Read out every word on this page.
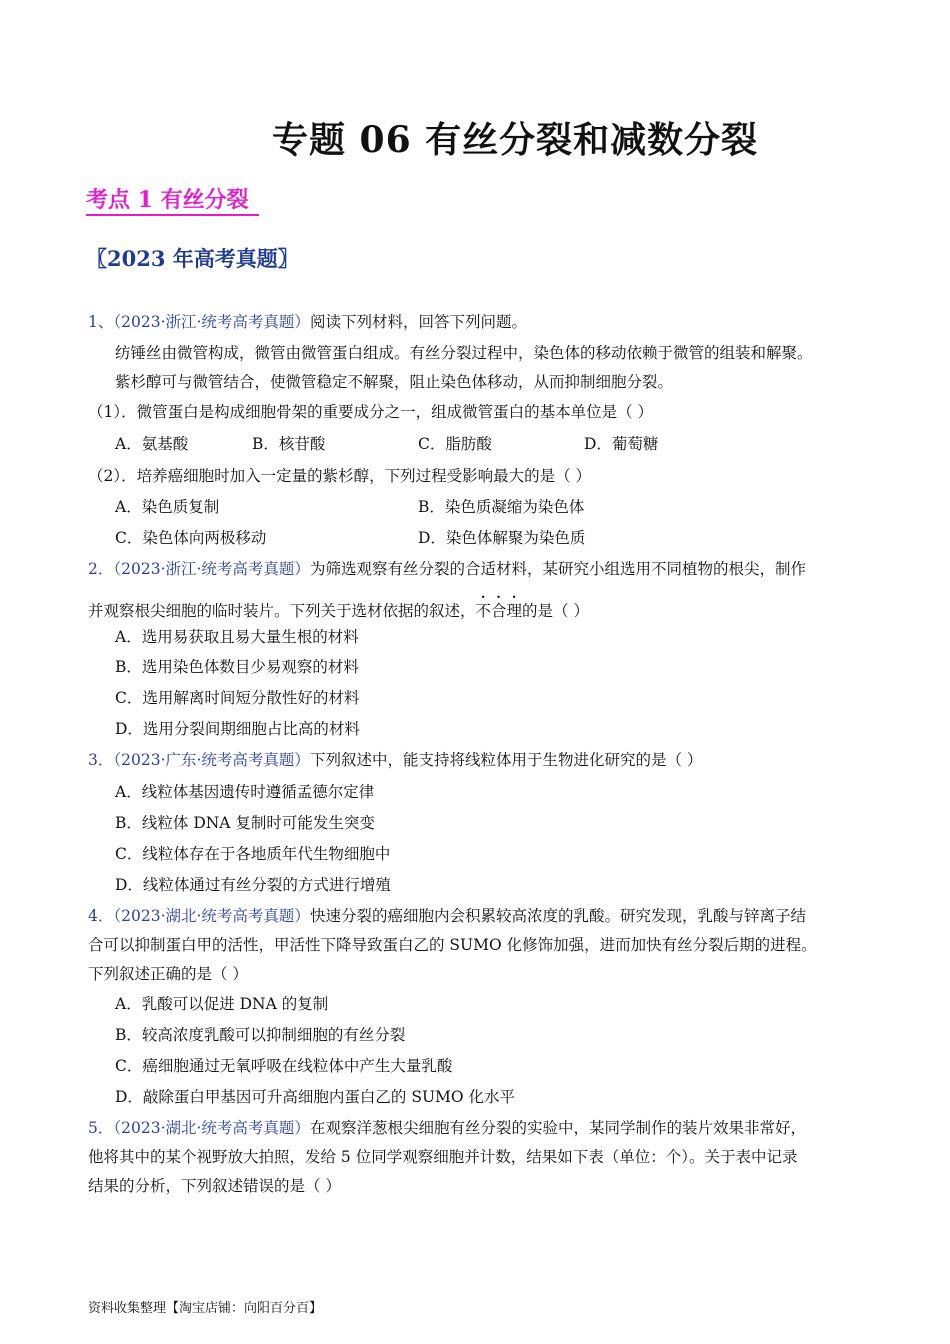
专题 06 有丝分裂和减数分裂
考点 1 有丝分裂
〖2023 年高考真题〗
1、（2023·浙江·统考高考真题）阅读下列材料，回答下列问题。
纺锤丝由微管构成，微管由微管蛋白组成。有丝分裂过程中，染色体的移动依赖于微管的组装和解聚。
紫杉醇可与微管结合，使微管稳定不解聚，阻止染色体移动，从而抑制细胞分裂。
（1）．微管蛋白是构成细胞骨架的重要成分之一，组成微管蛋白的基本单位是（ ）
A．氨基酸	B．核苷酸	C．脂肪酸	D．葡萄糖
（2）．培养癌细胞时加入一定量的紫杉醇，下列过程受影响最大的是（ ）
A．染色质复制	B．染色质凝缩为染色体
C．染色体向两极移动	D．染色体解聚为染色质
2．（2023·浙江·统考高考真题）为筛选观察有丝分裂的合适材料，某研究小组选用不同植物的根尖，制作
并观察根尖细胞的临时装片。下列关于选材依据的叙述，不合理的是（ ）
A．选用易获取且易大量生根的材料
B．选用染色体数目少易观察的材料
C．选用解离时间短分散性好的材料
D．选用分裂间期细胞占比高的材料
3．（2023·广东·统考高考真题）下列叙述中，能支持将线粒体用于生物进化研究的是（ ）
A．线粒体基因遗传时遵循孟德尔定律
B．线粒体 DNA 复制时可能发生突变
C．线粒体存在于各地质年代生物细胞中
D．线粒体通过有丝分裂的方式进行增殖
4．（2023·湖北·统考高考真题）快速分裂的癌细胞内会积累较高浓度的乳酸。研究发现，乳酸与锌离子结
合可以抑制蛋白甲的活性，甲活性下降导致蛋白乙的 SUMO 化修饰加强，进而加快有丝分裂后期的进程。
下列叙述正确的是（ ）
A．乳酸可以促进 DNA 的复制
B．较高浓度乳酸可以抑制细胞的有丝分裂
C．癌细胞通过无氧呼吸在线粒体中产生大量乳酸
D．敲除蛋白甲基因可升高细胞内蛋白乙的 SUMO 化水平
5．（2023·湖北·统考高考真题）在观察洋葱根尖细胞有丝分裂的实验中，某同学制作的装片效果非常好，
他将其中的某个视野放大拍照，发给 5 位同学观察细胞并计数，结果如下表（单位：个）。关于表中记录
结果的分析，下列叙述错误的是（ ）
资料收集整理【淘宝店铺：向阳百分百】
